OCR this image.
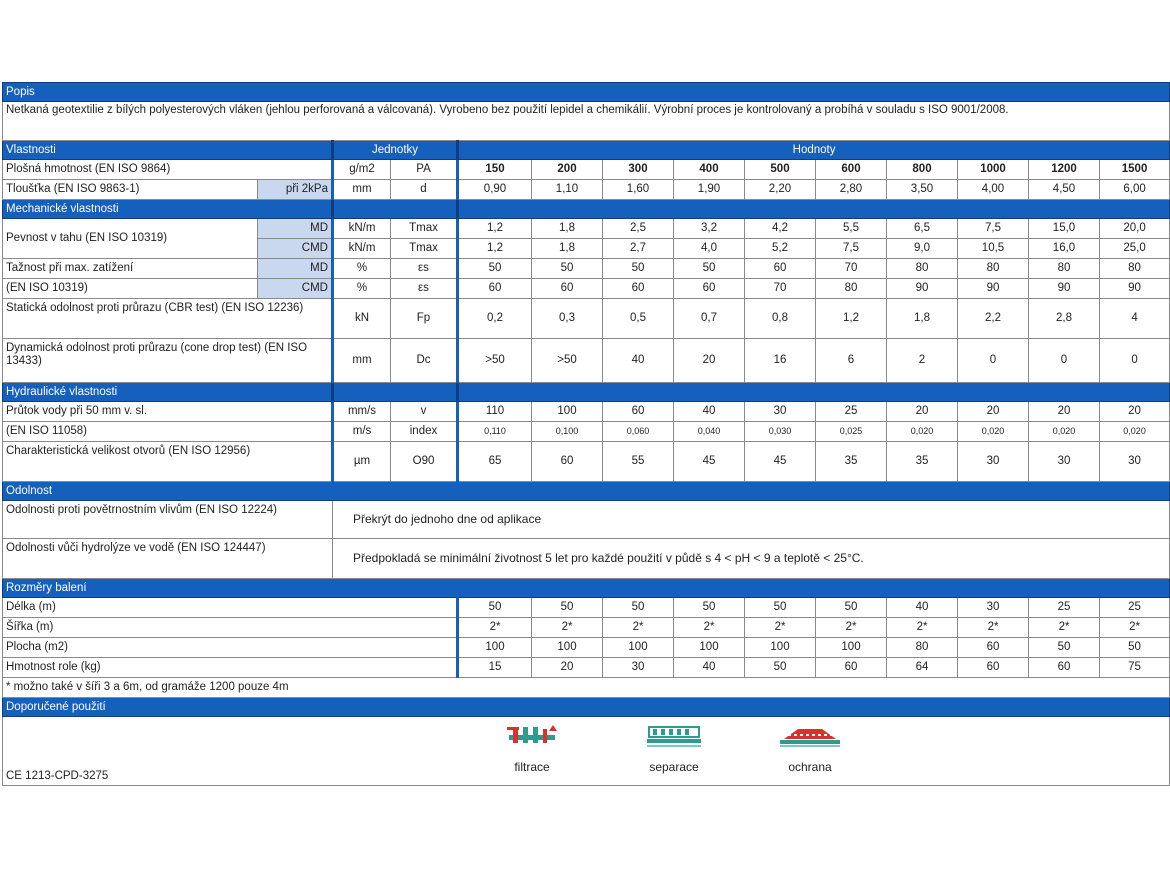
Popis													
Netkaná geotextilie z bílých polyesterových vláken (jehlou perforovaná a válcovaná). Vyrobeno bez použití lepidel a chemikálií. Výrobní proces je kontrolovaný a probíhá v souladu s ISO 9001/2008.													
Vlastnosti		Jednotky		Hodnoty									
Plošná hmotnost (EN ISO 9864)		g/m2	PA	150	200	300	400	500	600	800	1000	1200	1500
Tloušťka (EN ISO 9863-1)	při 2kPa	mm	d	0,90	1,10	1,60	1,90	2,20	2,80	3,50	4,00	4,50	6,00
Mechanické vlastnosti													
Pevnost v tahu (EN ISO 10319)	MD	kN/m	Tmax	1,2	1,8	2,5	3,2	4,2	5,5	6,5	7,5	15,0	20,0
	CMD	kN/m	Tmax	1,2	1,8	2,7	4,0	5,2	7,5	9,0	10,5	16,0	25,0
Tažnost při max. zatížení	MD	%	εs	50	50	50	50	60	70	80	80	80	80
(EN ISO 10319)	CMD	%	εs	60	60	60	60	70	80	90	90	90	90
Statická odolnost proti průrazu (CBR test) (EN ISO 12236)		kN	Fp	0,2	0,3	0,5	0,7	0,8	1,2	1,8	2,2	2,8	4
Dynamická odolnost proti průrazu (cone drop test) (EN ISO 13433)		mm	Dc	>50	>50	40	20	16	6	2	0	0	0
Hydraulické vlastnosti													
Průtok vody při 50 mm v. sl.		mm/s	v	110	100	60	40	30	25	20	20	20	20
(EN ISO 11058)		m/s	index	0,110	0,100	0,060	0,040	0,030	0,025	0,020	0,020	0,020	0,020
Charakteristická velikost otvorů (EN ISO 12956)		µm	O90	65	60	55	45	45	35	35	30	30	30
Odolnost													
Odolnosti proti povětrnostním vlivům (EN ISO 12224)		Překrýt do jednoho dne od aplikace											
Odolnosti vůči hydrolýze ve vodě (EN ISO 124447)		Předpokladá se minimální životnost 5 let pro každé použití v půdě s 4 < pH < 9 a teplotě < 25°C.											
Rozměry balení													
Délka (m)				50	50	50	50	50	50	40	30	25	25
Šířka (m)				2*	2*	2*	2*	2*	2*	2*	2*	2*	2*
Plocha (m2)				100	100	100	100	100	100	80	60	50	50
Hmotnost role (kg)				15	20	30	40	50	60	64	60	60	75
* možno také v šíři 3 a 6m, od gramáže 1200 pouze 4m													
Doporučené použití													
CE 1213-CPD-3275
filtrace separace ochrana													
